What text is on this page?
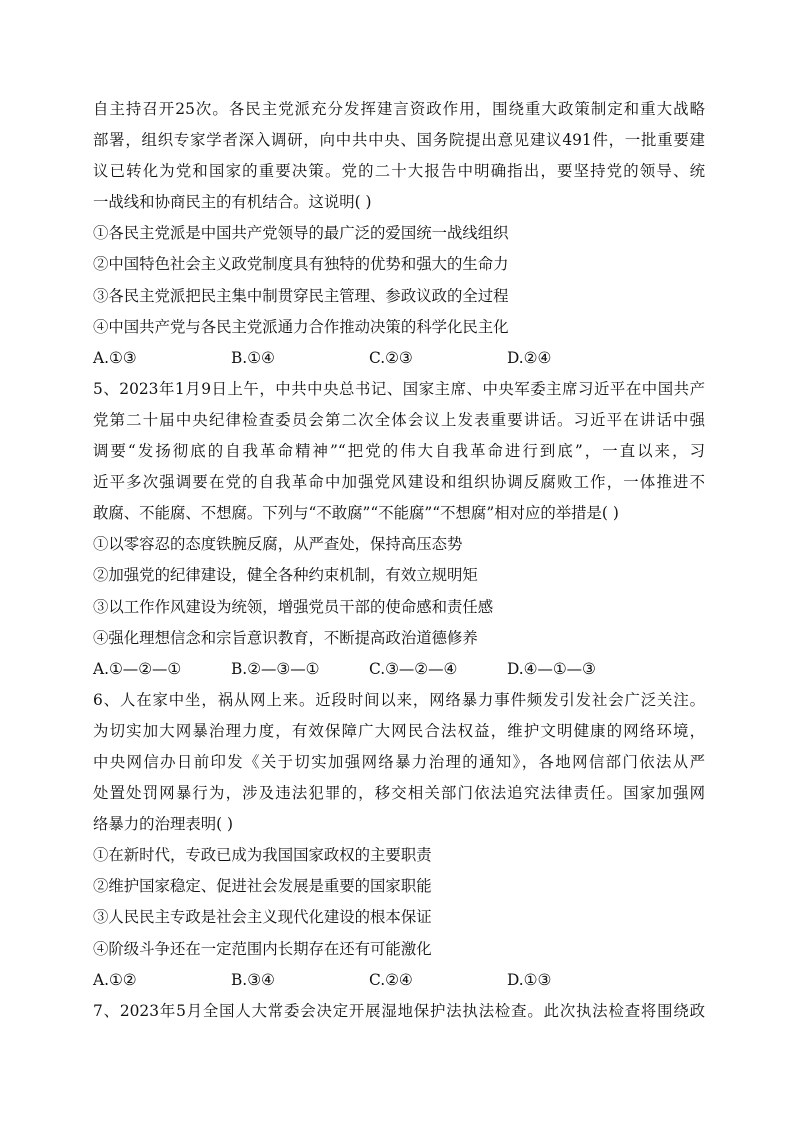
自主持召开25次。各民主党派充分发挥建言资政作用，围绕重大政策制定和重大战略
部署，组织专家学者深入调研，向中共中央、国务院提出意见建议491件，一批重要建
议已转化为党和国家的重要决策。党的二十大报告中明确指出，要坚持党的领导、统
一战线和协商民主的有机结合。这说明( )
①各民主党派是中国共产党领导的最广泛的爱国统一战线组织
②中国特色社会主义政党制度具有独特的优势和强大的生命力
③各民主党派把民主集中制贯穿民主管理、参政议政的全过程
④中国共产党与各民主党派通力合作推动决策的科学化民主化
A.①③	B.①④	C.②③	D.②④
5、2023年1月9日上午，中共中央总书记、国家主席、中央军委主席习近平在中国共产
党第二十届中央纪律检查委员会第二次全体会议上发表重要讲话。习近平在讲话中强
调要“发扬彻底的自我革命精神”“把党的伟大自我革命进行到底”，一直以来，习
近平多次强调要在党的自我革命中加强党风建设和组织协调反腐败工作，一体推进不
敢腐、不能腐、不想腐。下列与“不敢腐”“不能腐”“不想腐”相对应的举措是( )
①以零容忍的态度铁腕反腐，从严查处，保持高压态势
②加强党的纪律建设，健全各种约束机制，有效立规明矩
③以工作作风建设为统领，增强党员干部的使命感和责任感
④强化理想信念和宗旨意识教育，不断提高政治道德修养
A.①—②—①	B.②—③—①	C.③—②—④	D.④—①—③
6、人在家中坐，祸从网上来。近段时间以来，网络暴力事件频发引发社会广泛关注。
为切实加大网暴治理力度，有效保障广大网民合法权益，维护文明健康的网络环境，
中央网信办日前印发《关于切实加强网络暴力治理的通知》，各地网信部门依法从严
处置处罚网暴行为，涉及违法犯罪的，移交相关部门依法追究法律责任。国家加强网
络暴力的治理表明( )
①在新时代，专政已成为我国国家政权的主要职责
②维护国家稳定、促进社会发展是重要的国家职能
③人民民主专政是社会主义现代化建设的根本保证
④阶级斗争还在一定范围内长期存在还有可能激化
A.①②	B.③④	C.②④	D.①③
7、2023年5月全国人大常委会决定开展湿地保护法执法检查。此次执法检查将围绕政
